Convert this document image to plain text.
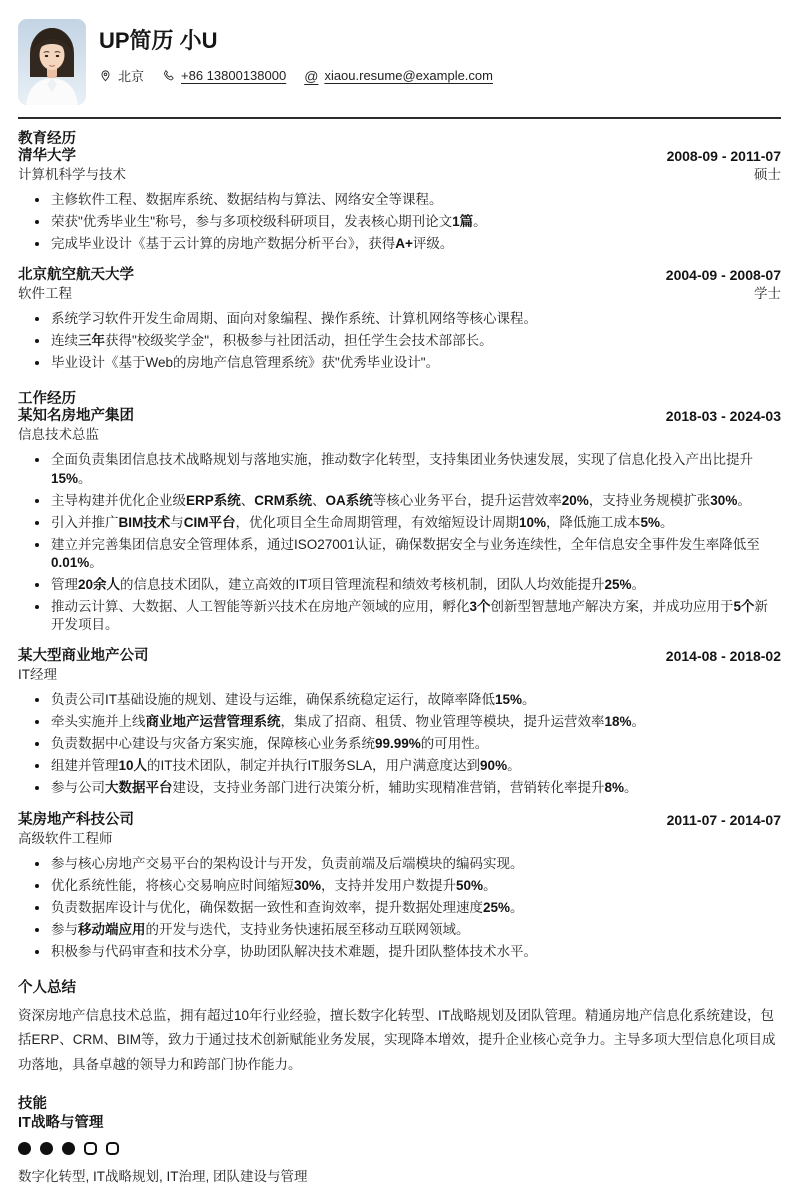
UP简历 小U
北京	+86 13800138000 @ xiaou.resume@example.com
教育经历
清华大学
计算机科学与技术
2008-09 - 2011-07
硕士
主修软件工程、数据库系统、数据结构与算法、网络安全等课程。
荣获"优秀毕业生"称号，参与多项校级科研项目，发表核心期刊论文1篇。
完成毕业设计《基于云计算的房地产数据分析平台》，获得A+评级。
北京航空航天大学
软件工程
2004-09 - 2008-07
学士
系统学习软件开发生命周期、面向对象编程、操作系统、计算机网络等核心课程。
连续三年获得"校级奖学金"，积极参与社团活动，担任学生会技术部部长。
毕业设计《基于Web的房地产信息管理系统》获"优秀毕业设计"。
工作经历
某知名房地产集团
信息技术总监
2018-03 - 2024-03
全面负责集团信息技术战略规划与落地实施，推动数字化转型，支持集团业务快速发展，实现了信息化投入产出比提升15%。
主导构建并优化企业级ERP系统、CRM系统、OA系统等核心业务平台，提升运营效率20%，支持业务规模扩张30%。
引入并推广BIM技术与CIM平台，优化项目全生命周期管理，有效缩短设计周期10%，降低施工成本5%。
建立并完善集团信息安全管理体系，通过ISO27001认证，确保数据安全与业务连续性，全年信息安全事件发生率降低至0.01%。
管理20余人的信息技术团队，建立高效的IT项目管理流程和绩效考核机制，团队人均效能提升25%。
推动云计算、大数据、人工智能等新兴技术在房地产领域的应用，孵化3个创新型智慧地产解决方案，并成功应用于5个新开发项目。
某大型商业地产公司
IT经理
2014-08 - 2018-02
负责公司IT基础设施的规划、建设与运维，确保系统稳定运行，故障率降低15%。
牵头实施并上线商业地产运营管理系统，集成了招商、租赁、物业管理等模块，提升运营效率18%。
负责数据中心建设与灾备方案实施，保障核心业务系统99.99%的可用性。
组建并管理10人的IT技术团队，制定并执行IT服务SLA，用户满意度达到90%。
参与公司大数据平台建设，支持业务部门进行决策分析，辅助实现精准营销，营销转化率提升8%。
某房地产科技公司
高级软件工程师
2011-07 - 2014-07
参与核心房地产交易平台的架构设计与开发，负责前端及后端模块的编码实现。
优化系统性能，将核心交易响应时间缩短30%，支持并发用户数提升50%。
负责数据库设计与优化，确保数据一致性和查询效率，提升数据处理速度25%。
参与移动端应用的开发与迭代，支持业务快速拓展至移动互联网领域。
积极参与代码审查和技术分享，协助团队解决技术难题，提升团队整体技术水平。
个人总结

资深房地产信息技术总监，拥有超过10年行业经验，擅长数字化转型、IT战略规划及团队管理。精通房地产信息化系统建设，包括ERP、CRM、BIM等，致力于通过技术创新赋能业务发展，实现降本增效，提升企业核心竞争力。主导多项大型信息化项目成功落地，具备卓越的领导力和跨部门协作能力。

技能
IT战略与管理
数字化转型, IT战略规划, IT治理, 团队建设与管理
